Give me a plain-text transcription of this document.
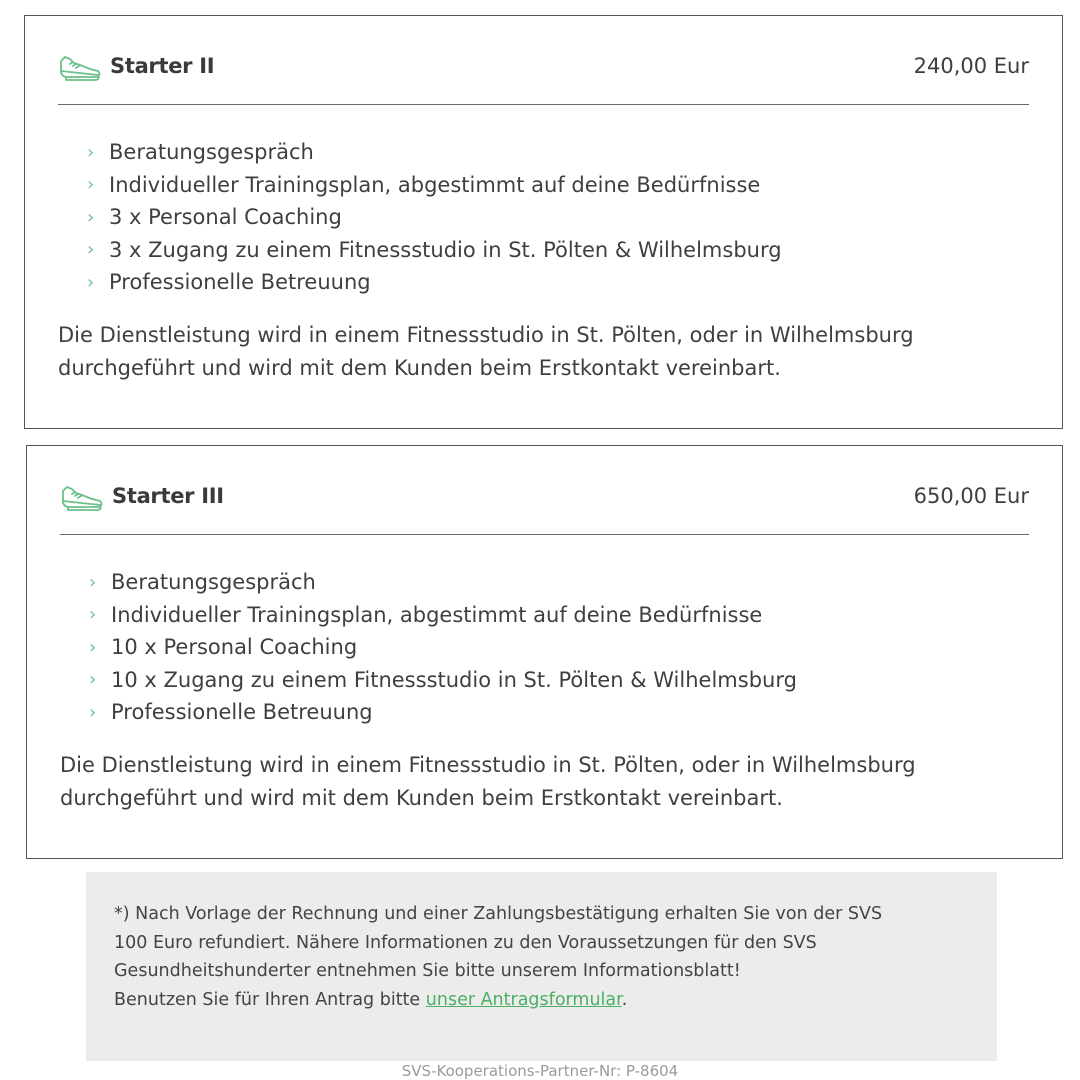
Starter II	240,00 Eur
› Beratungsgespräch
› Individueller Trainingsplan, abgestimmt auf deine Bedürfnisse
› 3 x Personal Coaching
› 3 x Zugang zu einem Fitnessstudio in St. Pölten & Wilhelmsburg
› Professionelle Betreuung

Die Dienstleistung wird in einem Fitnessstudio in St. Pölten, oder in Wilhelmsburg durchgeführt und wird mit dem Kunden beim Erstkontakt vereinbart.

Starter III	650,00 Eur
› Beratungsgespräch
› Individueller Trainingsplan, abgestimmt auf deine Bedürfnisse
› 10 x Personal Coaching
› 10 x Zugang zu einem Fitnessstudio in St. Pölten & Wilhelmsburg
› Professionelle Betreuung

Die Dienstleistung wird in einem Fitnessstudio in St. Pölten, oder in Wilhelmsburg durchgeführt und wird mit dem Kunden beim Erstkontakt vereinbart.

*) Nach Vorlage der Rechnung und einer Zahlungsbestätigung erhalten Sie von der SVS
100 Euro refundiert. Nähere Informationen zu den Voraussetzungen für den SVS
Gesundheitshunderter entnehmen Sie bitte unserem Informationsblatt!
Benutzen Sie für Ihren Antrag bitte unser Antragsformular.

SVS-Kooperations-Partner-Nr: P-8604
